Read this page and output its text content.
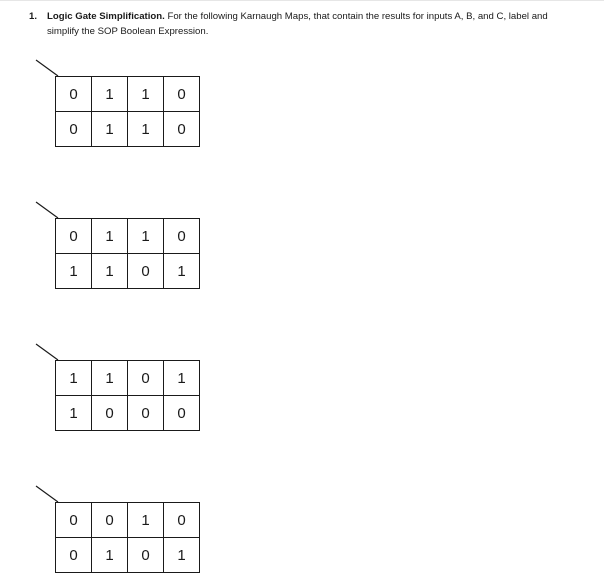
1. Logic Gate Simplification. For the following Karnaugh Maps, that contain the results for inputs A, B, and C, label and
simplify the SOP Boolean Expression.

0	1	1	0
0	1	1	0
0	1	1	0
1	1	0	1
1	1	0	1
1	0	0	0
0	0	1	0
0	1	0	1
